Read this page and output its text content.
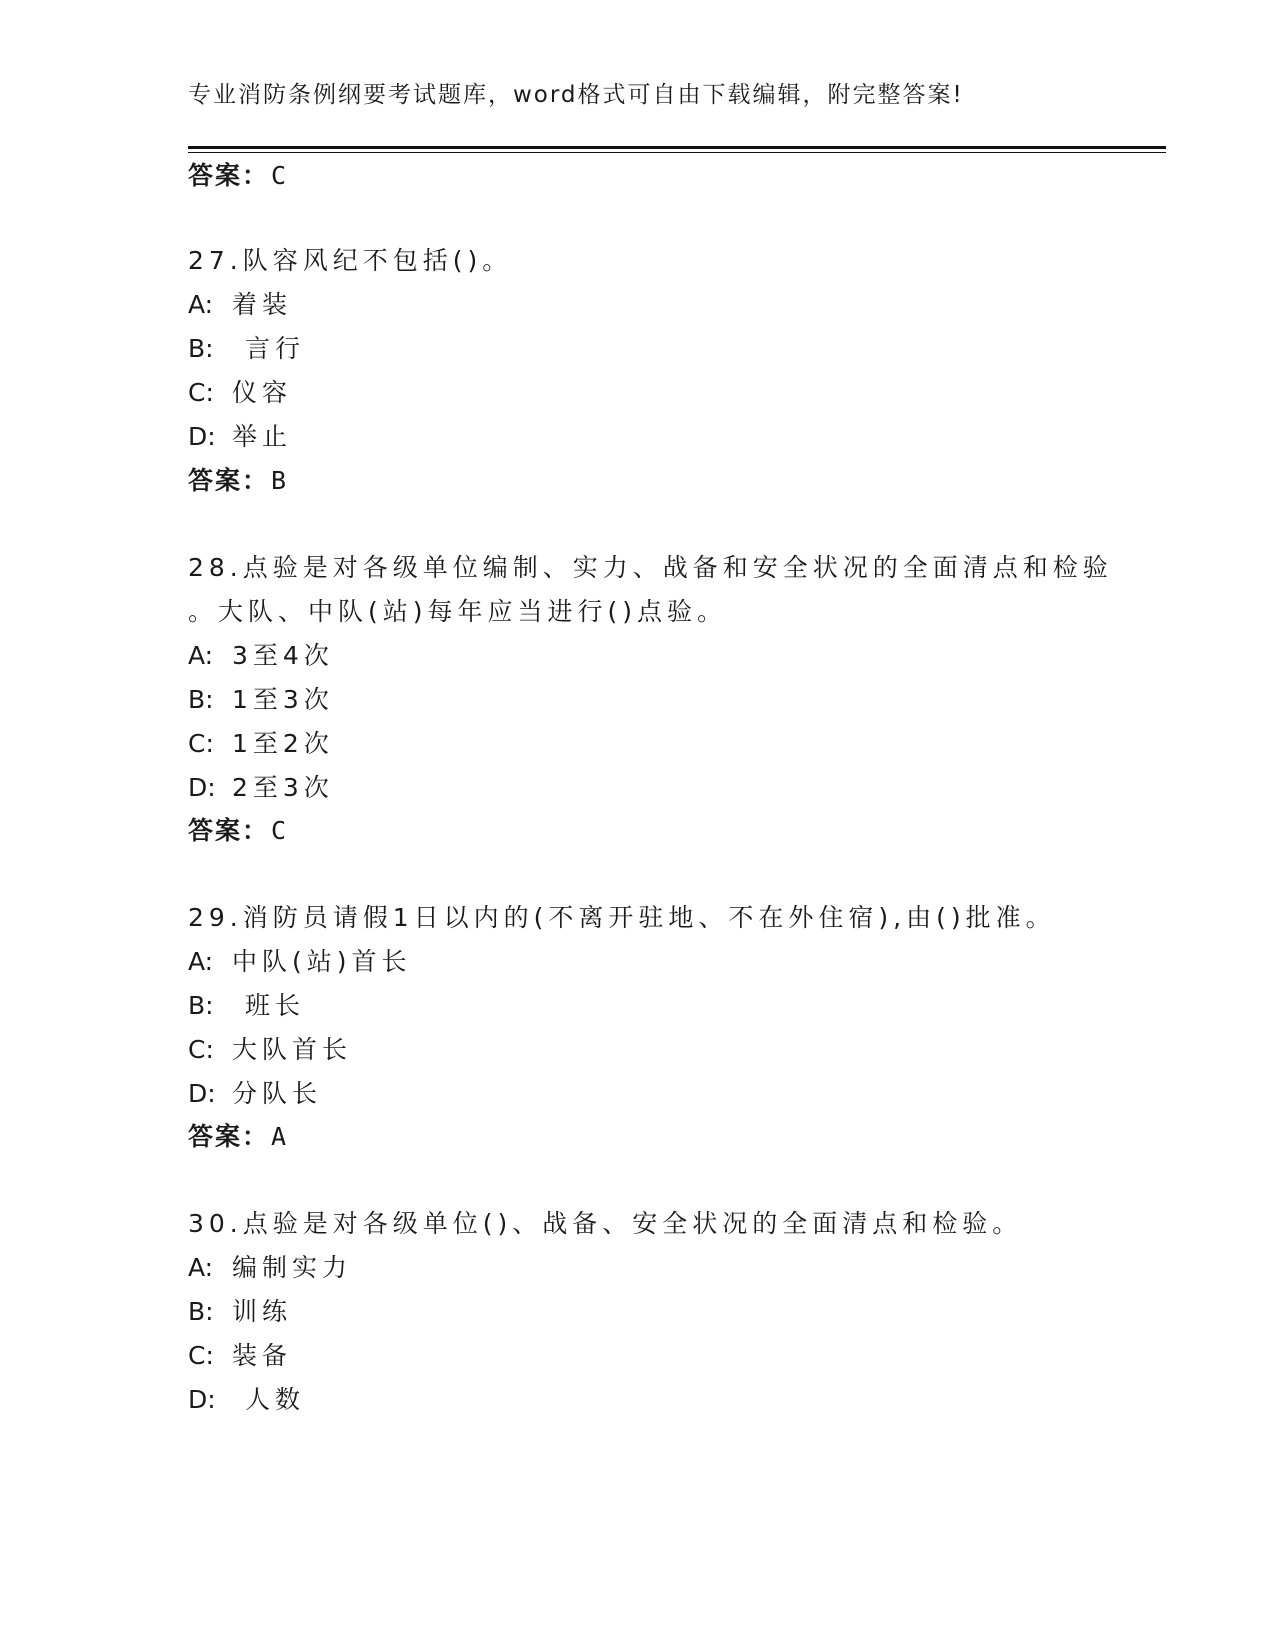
专业消防条例纲要考试题库，word格式可自由下载编辑，附完整答案!
答案：C
27.队容风纪不包括()。
A: 着装
B: 言行
C: 仪容
D: 举止
答案：B
28.点验是对各级单位编制、实力、战备和安全状况的全面清点和检验
。大队、中队(站)每年应当进行()点验。
A: 3至4次
B: 1至3次
C: 1至2次
D: 2至3次
答案：C
29.消防员请假1日以内的(不离开驻地、不在外住宿),由()批准。
A: 中队(站)首长
B: 班长
C: 大队首长
D: 分队长
答案：A
30.点验是对各级单位()、战备、安全状况的全面清点和检验。
A: 编制实力
B: 训练
C: 装备
D: 人数
